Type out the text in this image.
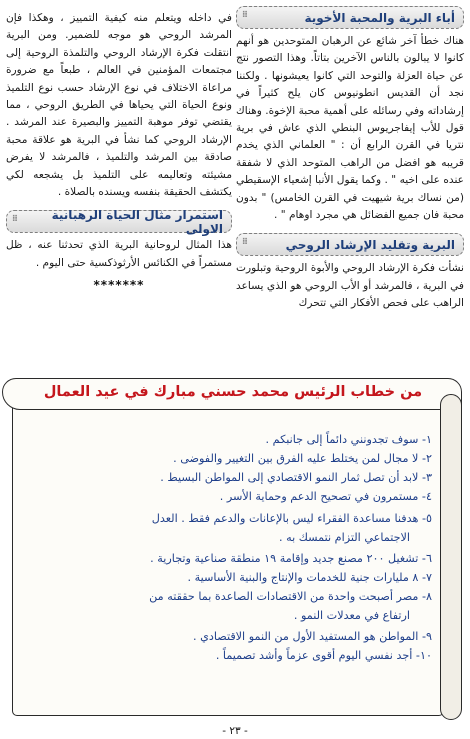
أباء البرية والمحبة الأخوية
⁝⁝

هناك خطأ آخر شائع عن الرهبان المتوحدين هو أنهم كانوا لا يبالون بالناس الآخرين بتاتاً. وهذا التصور نتج عن حياة العزلة والتوحد التي كانوا يعيشونها . ولكننا نجد أن القديس انطونيوس كان يلح كثيراً في إرشاداته وفي رسائله على أهمية محبة الإخوة. وهناك قول للأب إيفاجريوس البنطي الذي عاش في برية نتريا في القرن الرابع أن : " العلماني الذي يخدم قريبه هو افضل من الراهب المتوحد الذي لا شفقة عنده على اخيه " . وكما يقول الأنبا إشعياء الإسقيطي (من نساك برية شيهيت في القرن الخامس) " بدون محبة فان جميع الفضائل هي مجرد اوهام " .

البرية وتقليد الإرشاد الروحي
⁝⁝

نشأت فكرة الإرشاد الروحي والأبوة الروحية وتبلورت في البرية ، فالمرشد أو الأب الروحي هو الذي يساعد الراهب على فحص الأفكار التي تتحرك

في داخله ويتعلم منه كيفية التمييز ، وهكذا فإن المرشد الروحي هو موجه للضمير. ومن البرية انتقلت فكرة الإرشاد الروحي والتلمذة الروحية إلى مجتمعات المؤمنين في العالم ، طبعاً مع ضرورة مراعاة الاختلاف في نوع الإرشاد حسب نوع التلميذ ونوع الحياة التي يحياها في الطريق الروحي ، مما يقتضي توفر موهبة التمييز والبصيرة عند المرشد . الإرشاد الروحي كما نشأ في البرية هو علاقة محبة صادقة بين المرشد والتلميذ ، فالمرشد لا يفرض مشيئته وتعاليمه على التلميذ بل يشجعه لكي يكتشف الحقيقة بنفسه ويسنده بالصلاة .

استمرار مثال الحياة الرهبانية الاولى
⁝⁝

هذا المثال لروحانية البرية الذي تحدثنا عنه ، ظل مستمراً في الكنائس الأرثوذكسية حتى اليوم .

*******
من خطاب الرئيس محمد حسني مبارك في عيد العمال
١- سوف تجدونني دائماً إلى جانبكم .
٢- لا مجال لمن يختلط عليه الفرق بين التغيير والفوضى .
٣- لابد أن تصل ثمار النمو الاقتصادي إلى المواطن البسيط .
٤- مستمرون في تصحيح الدعم وحماية الأسر .
٥- هدفنا مساعدة الفقراء ليس بالإعانات والدعم فقط . العدل
الاجتماعي التزام نتمسك به .
٦- تشغيل ٢٠٠ مصنع جديد وإقامة ١٩ منطقة صناعية وتجارية .
٧- ٨ مليارات جنية للخدمات والإنتاج والبنية الأساسية .
٨- مصر أصبحت واحدة من الاقتصادات الصاعدة بما حققته من
ارتفاع في معدلات النمو .
٩- المواطن هو المستفيد الأول من النمو الاقتصادي .
١٠- أجد نفسي اليوم أقوى عزماً وأشد تصميماً .
- ٢٣ -
